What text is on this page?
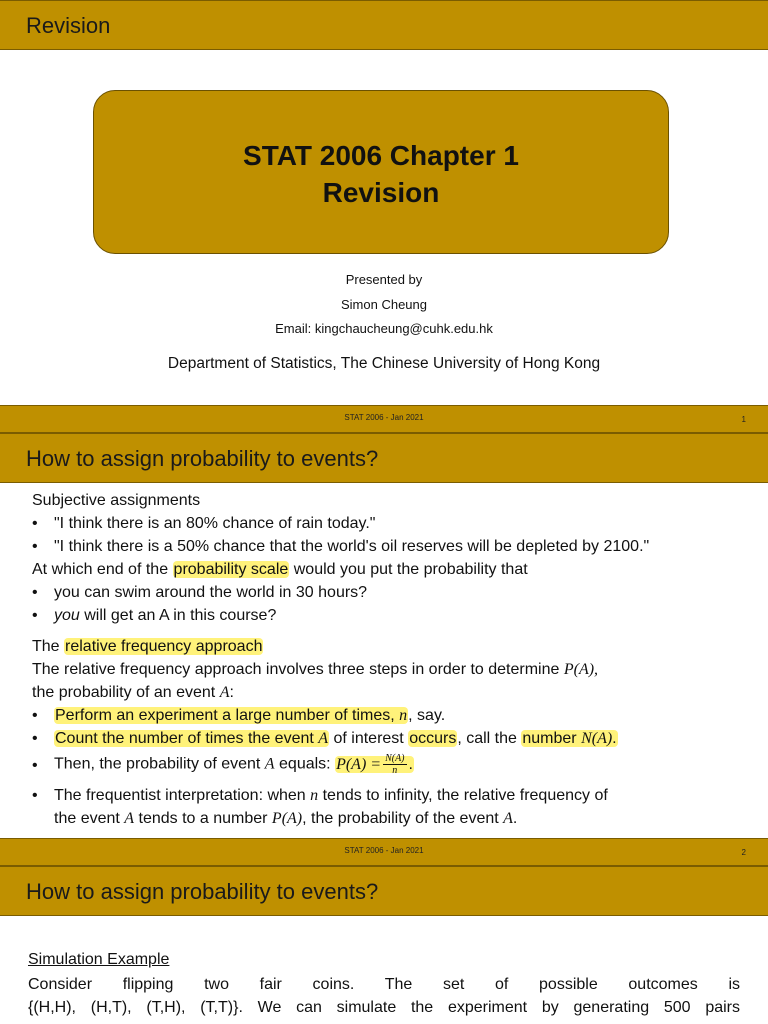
Revision
STAT 2006 Chapter 1
Revision
Presented by
Simon Cheung
Email: kingchaucheung@cuhk.edu.hk
Department of Statistics, The Chinese University of Hong Kong
STAT 2006 - Jan 2021	1
How to assign probability to events?
Subjective assignments
• "I think there is an 80% chance of rain today."
• "I think there is a 50% chance that the world's oil reserves will be depleted by 2100."
At which end of the probability scale would you put the probability that
• you can swim around the world in 30 hours?
• you will get an A in this course?
The relative frequency approach
The relative frequency approach involves three steps in order to determine P(A),
the probability of an event A:
• Perform an experiment a large number of times, n, say.
• Count the number of times the event A of interest occurs, call the number N(A).
• Then, the probability of event A equals: $P(A) = \frac{N(A)}{n}$ .
• The frequentist interpretation: when n tends to infinity, the relative frequency of
the event A tends to a number P(A), the probability of the event A.
STAT 2006 - Jan 2021	2
How to assign probability to events?
Simulation Example
Consider flipping two fair coins. The set of possible outcomes is
{(H,H), (H,T), (T,H), (T,T)}. We can simulate the experiment by generating 500 pairs
